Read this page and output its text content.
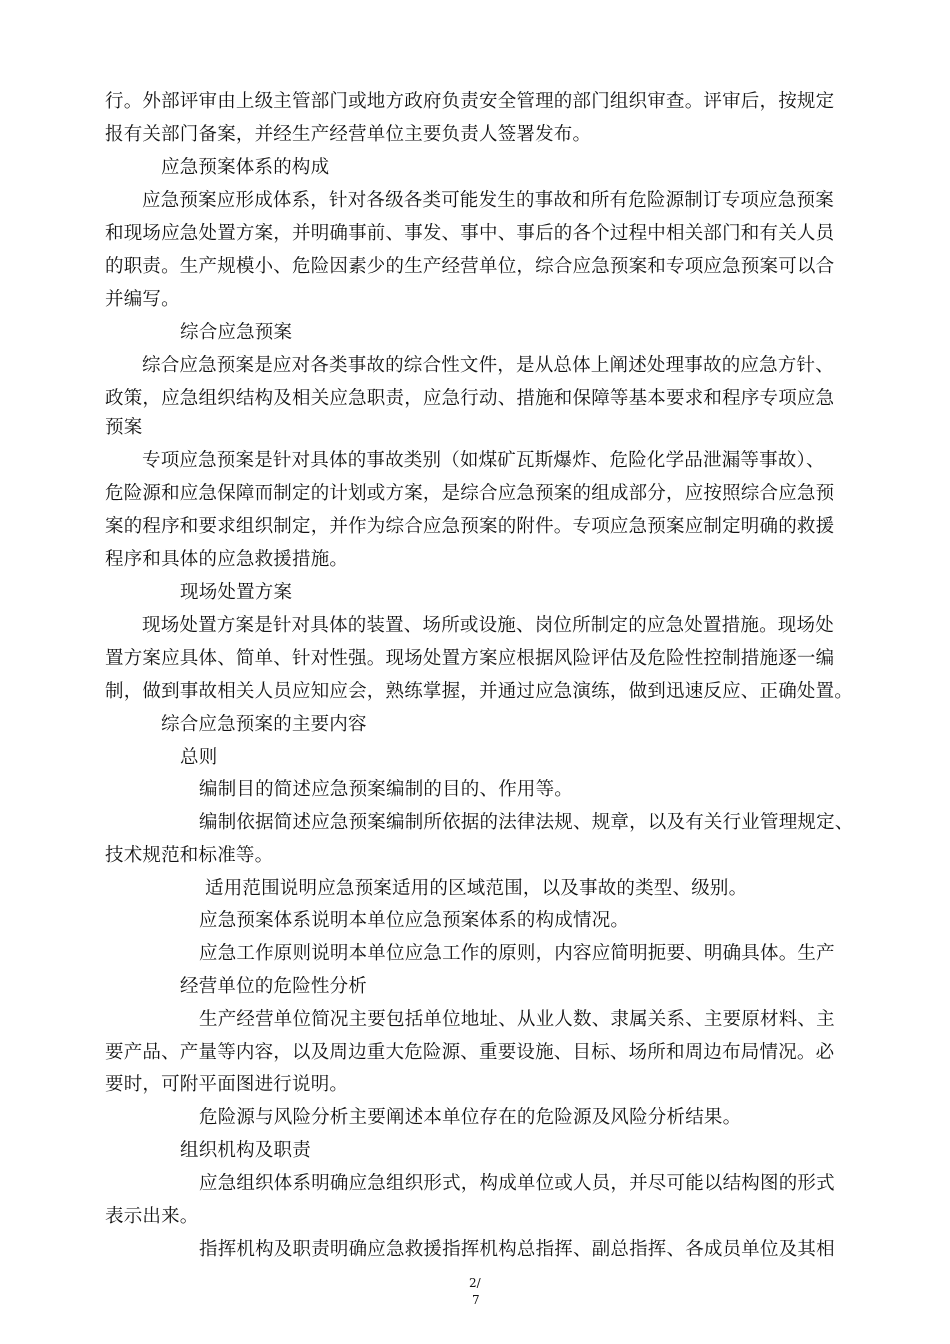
行。外部评审由上级主管部门或地方政府负责安全管理的部门组织审查。评审后，按规定
报有关部门备案，并经生产经营单位主要负责人签署发布。
应急预案体系的构成
应急预案应形成体系，针对各级各类可能发生的事故和所有危险源制订专项应急预案
和现场应急处置方案，并明确事前、事发、事中、事后的各个过程中相关部门和有关人员
的职责。生产规模小、危险因素少的生产经营单位，综合应急预案和专项应急预案可以合
并编写。
综合应急预案
综合应急预案是应对各类事故的综合性文件，是从总体上阐述处理事故的应急方针、
政策，应急组织结构及相关应急职责，应急行动、措施和保障等基本要求和程序专项应急
预案
专项应急预案是针对具体的事故类别（如煤矿瓦斯爆炸、危险化学品泄漏等事故）、
危险源和应急保障而制定的计划或方案，是综合应急预案的组成部分，应按照综合应急预
案的程序和要求组织制定，并作为综合应急预案的附件。专项应急预案应制定明确的救援
程序和具体的应急救援措施。
现场处置方案
现场处置方案是针对具体的装置、场所或设施、岗位所制定的应急处置措施。现场处
置方案应具体、简单、针对性强。现场处置方案应根据风险评估及危险性控制措施逐一编
制，做到事故相关人员应知应会，熟练掌握，并通过应急演练，做到迅速反应、正确处置。
综合应急预案的主要内容
总则
编制目的简述应急预案编制的目的、作用等。
编制依据简述应急预案编制所依据的法律法规、规章，以及有关行业管理规定、
技术规范和标准等。
适用范围说明应急预案适用的区域范围，以及事故的类型、级别。
应急预案体系说明本单位应急预案体系的构成情况。
应急工作原则说明本单位应急工作的原则，内容应简明扼要、明确具体。生产
经营单位的危险性分析
生产经营单位简况主要包括单位地址、从业人数、隶属关系、主要原材料、主
要产品、产量等内容，以及周边重大危险源、重要设施、目标、场所和周边布局情况。必
要时，可附平面图进行说明。
危险源与风险分析主要阐述本单位存在的危险源及风险分析结果。
组织机构及职责
应急组织体系明确应急组织形式，构成单位或人员，并尽可能以结构图的形式
表示出来。
指挥机构及职责明确应急救援指挥机构总指挥、副总指挥、各成员单位及其相
2/
7
